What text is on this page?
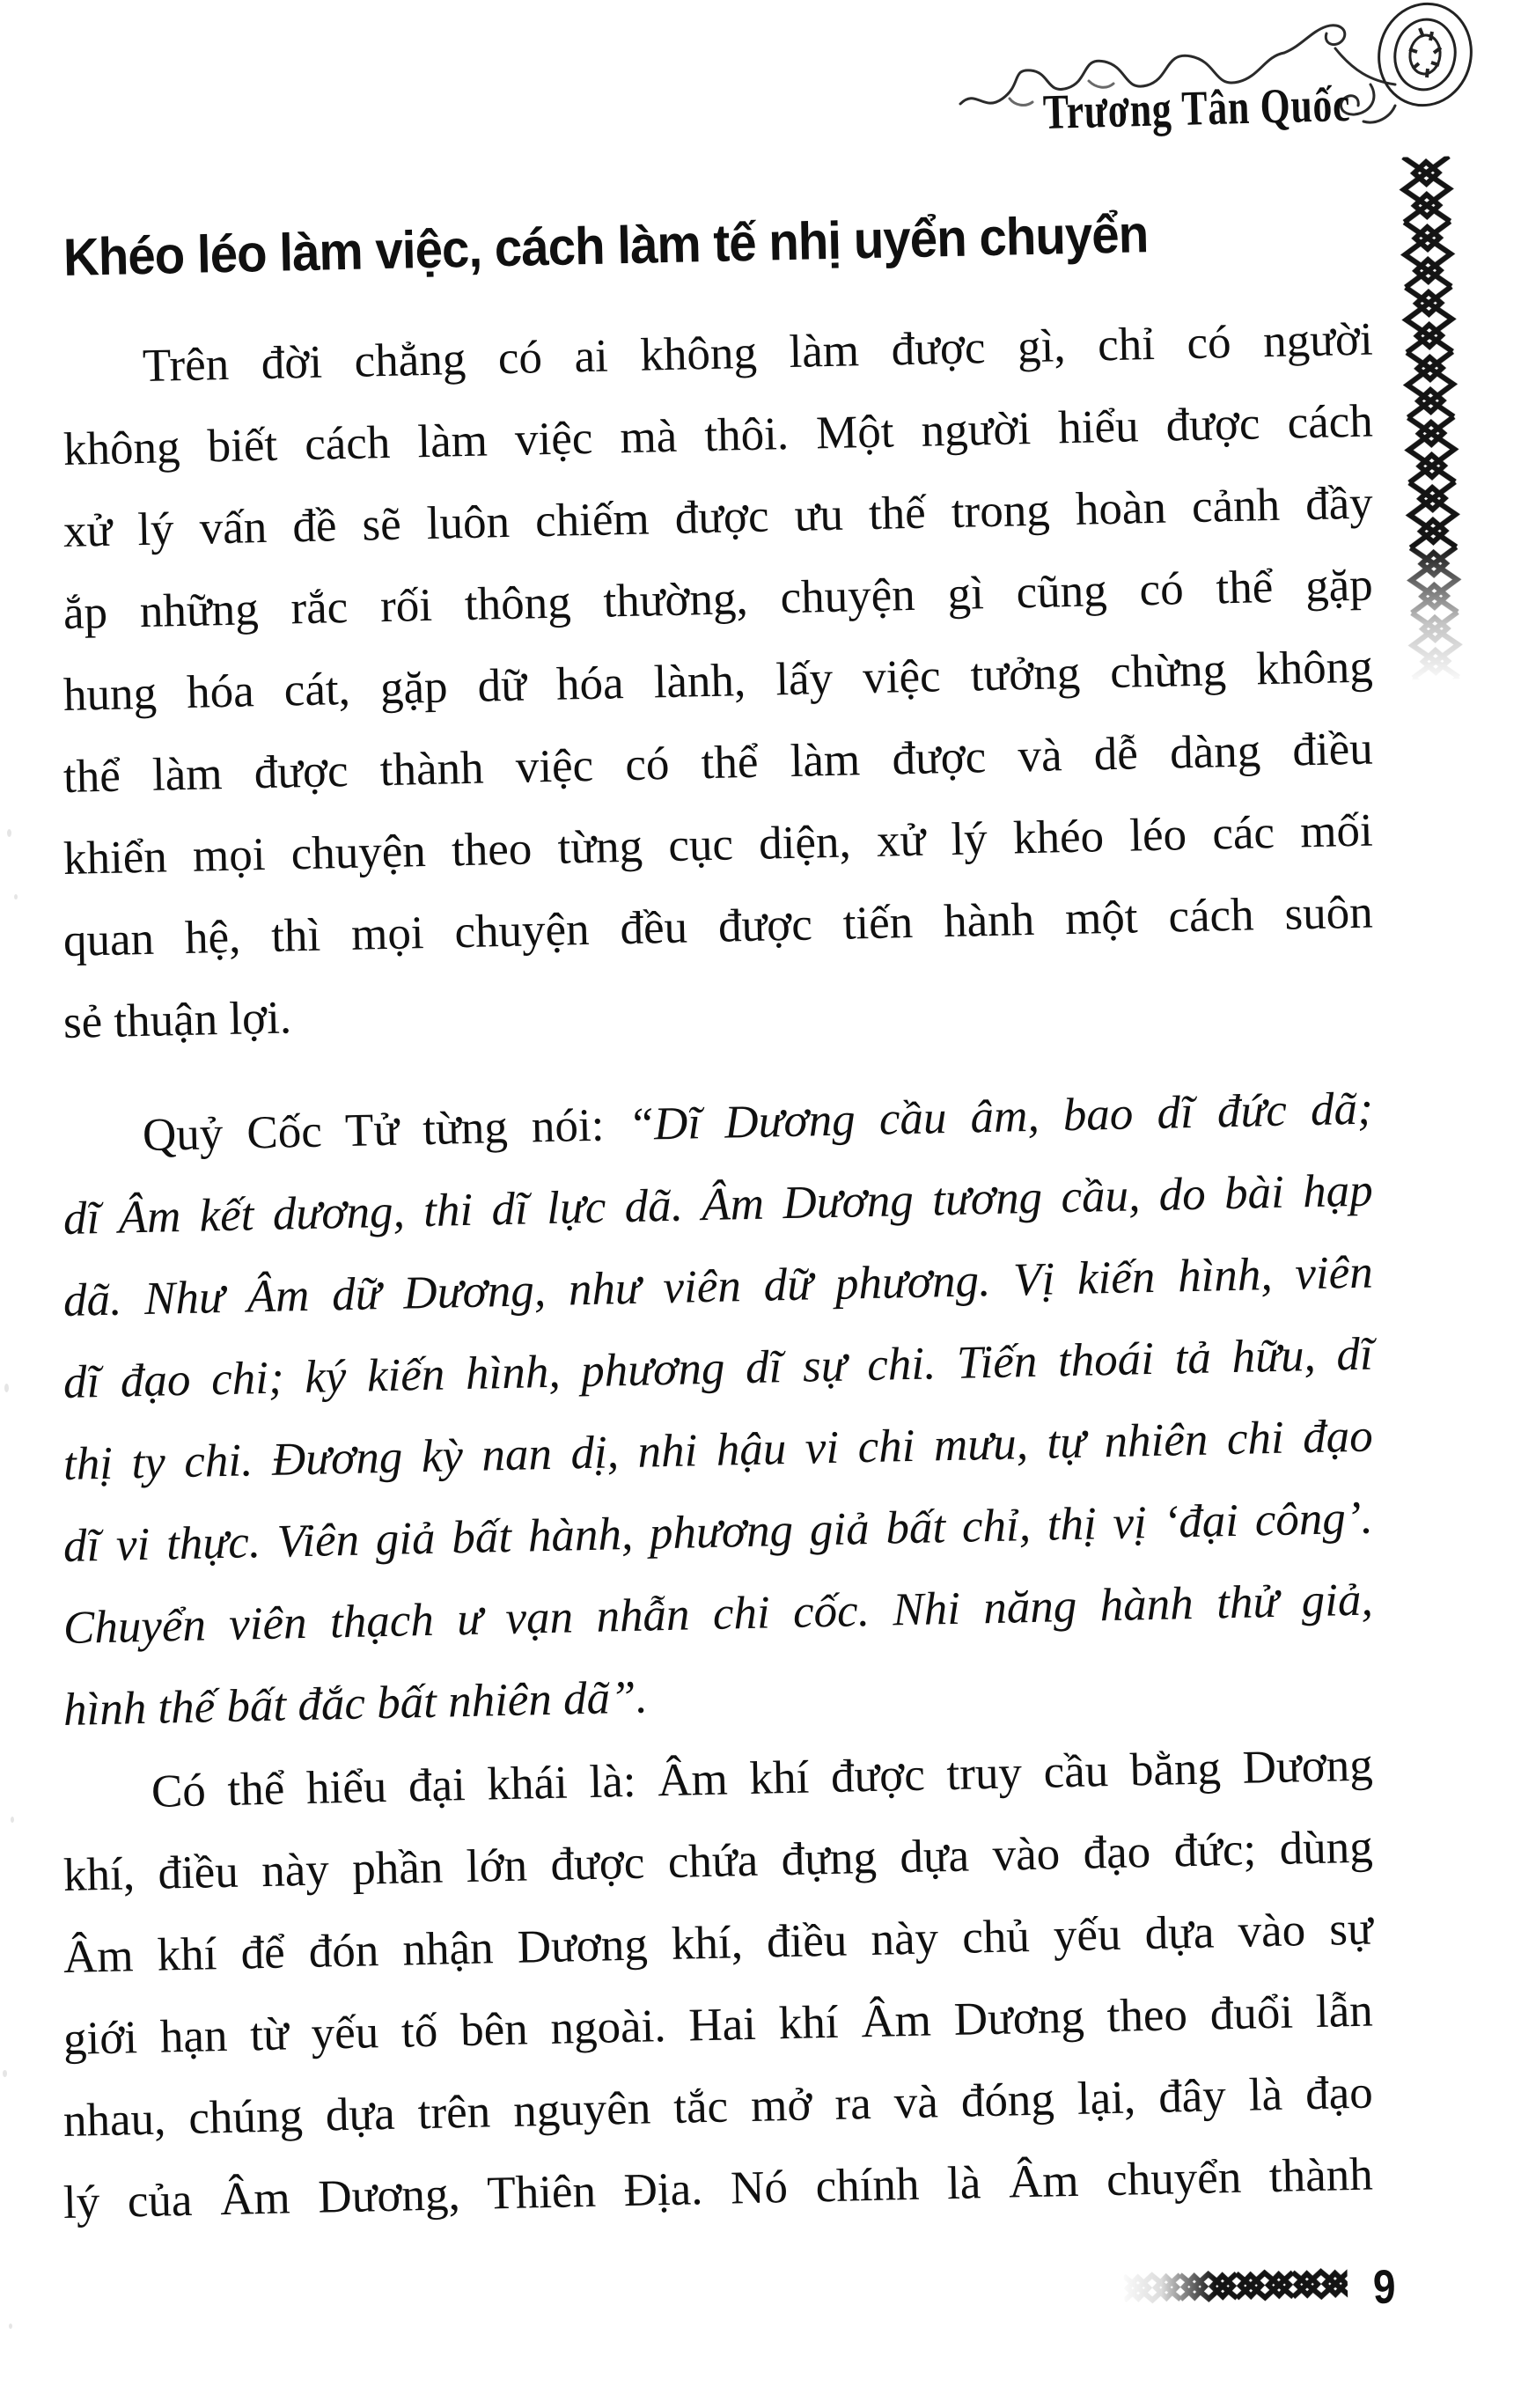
Trương Tân Quốc
Khéo léo làm việc, cách làm tế nhị uyển chuyển
Trên đời chẳng có ai không làm được gì, chỉ có người
không biết cách làm việc mà thôi. Một người hiểu được cách
xử lý vấn đề sẽ luôn chiếm được ưu thế trong hoàn cảnh đầy
ắp những rắc rối thông thường, chuyện gì cũng có thể gặp
hung hóa cát, gặp dữ hóa lành, lấy việc tưởng chừng không
thể làm được thành việc có thể làm được và dễ dàng điều
khiển mọi chuyện theo từng cục diện, xử lý khéo léo các mối
quan hệ, thì mọi chuyện đều được tiến hành một cách suôn
sẻ thuận lợi.
Quỷ Cốc Tử từng nói: “Dĩ Dương cầu âm, bao dĩ đức dã;
dĩ Âm kết dương, thi dĩ lực dã. Âm Dương tương cầu, do bài hạp
dã. Như Âm dữ Dương, như viên dữ phương. Vị kiến hình, viên
dĩ đạo chi; ký kiến hình, phương dĩ sự chi. Tiến thoái tả hữu, dĩ
thị ty chi. Đương kỳ nan dị, nhi hậu vi chi mưu, tự nhiên chi đạo
dĩ vi thực. Viên giả bất hành, phương giả bất chỉ, thị vị ‘đại công’.
Chuyển viên thạch ư vạn nhẫn chi cốc. Nhi năng hành thử giả,
hình thế bất đắc bất nhiên dã”.
Có thể hiểu đại khái là: Âm khí được truy cầu bằng Dương
khí, điều này phần lớn được chứa đựng dựa vào đạo đức; dùng
Âm khí để đón nhận Dương khí, điều này chủ yếu dựa vào sự
giới hạn từ yếu tố bên ngoài. Hai khí Âm Dương theo đuổi lẫn
nhau, chúng dựa trên nguyên tắc mở ra và đóng lại, đây là đạo
lý của Âm Dương, Thiên Địa. Nó chính là Âm chuyển thành
9
